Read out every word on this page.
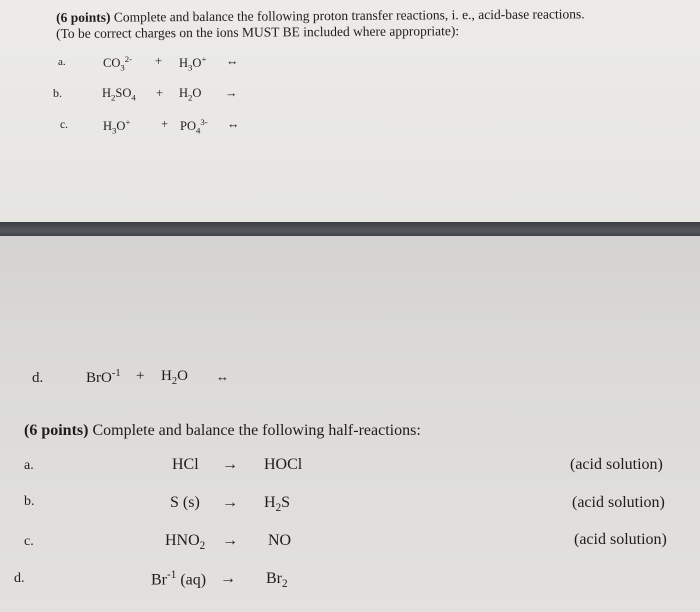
(6 points) Complete and balance the following proton transfer reactions, i. e., acid-base reactions.
(To be correct charges on the ions MUST BE included where appropriate):
a.	$CO_3^{2-} + H_3O^+$ ↔
b.	$H_2SO_4 + H_2O$ →
c.	$H_3O^+ + PO_4^{3-}$ ↔
d.	$BrO^{-1} + H_2O$ ↔
(6 points) Complete and balance the following half-reactions:
a.	HCl → HOCl	(acid solution)
b.	S $(s) \to H_2S$	(acid solution)
c.	$HNO_2$ → NO	(acid solution)
d.	$Br^{-1}$ $(aq) \to Br_2$
